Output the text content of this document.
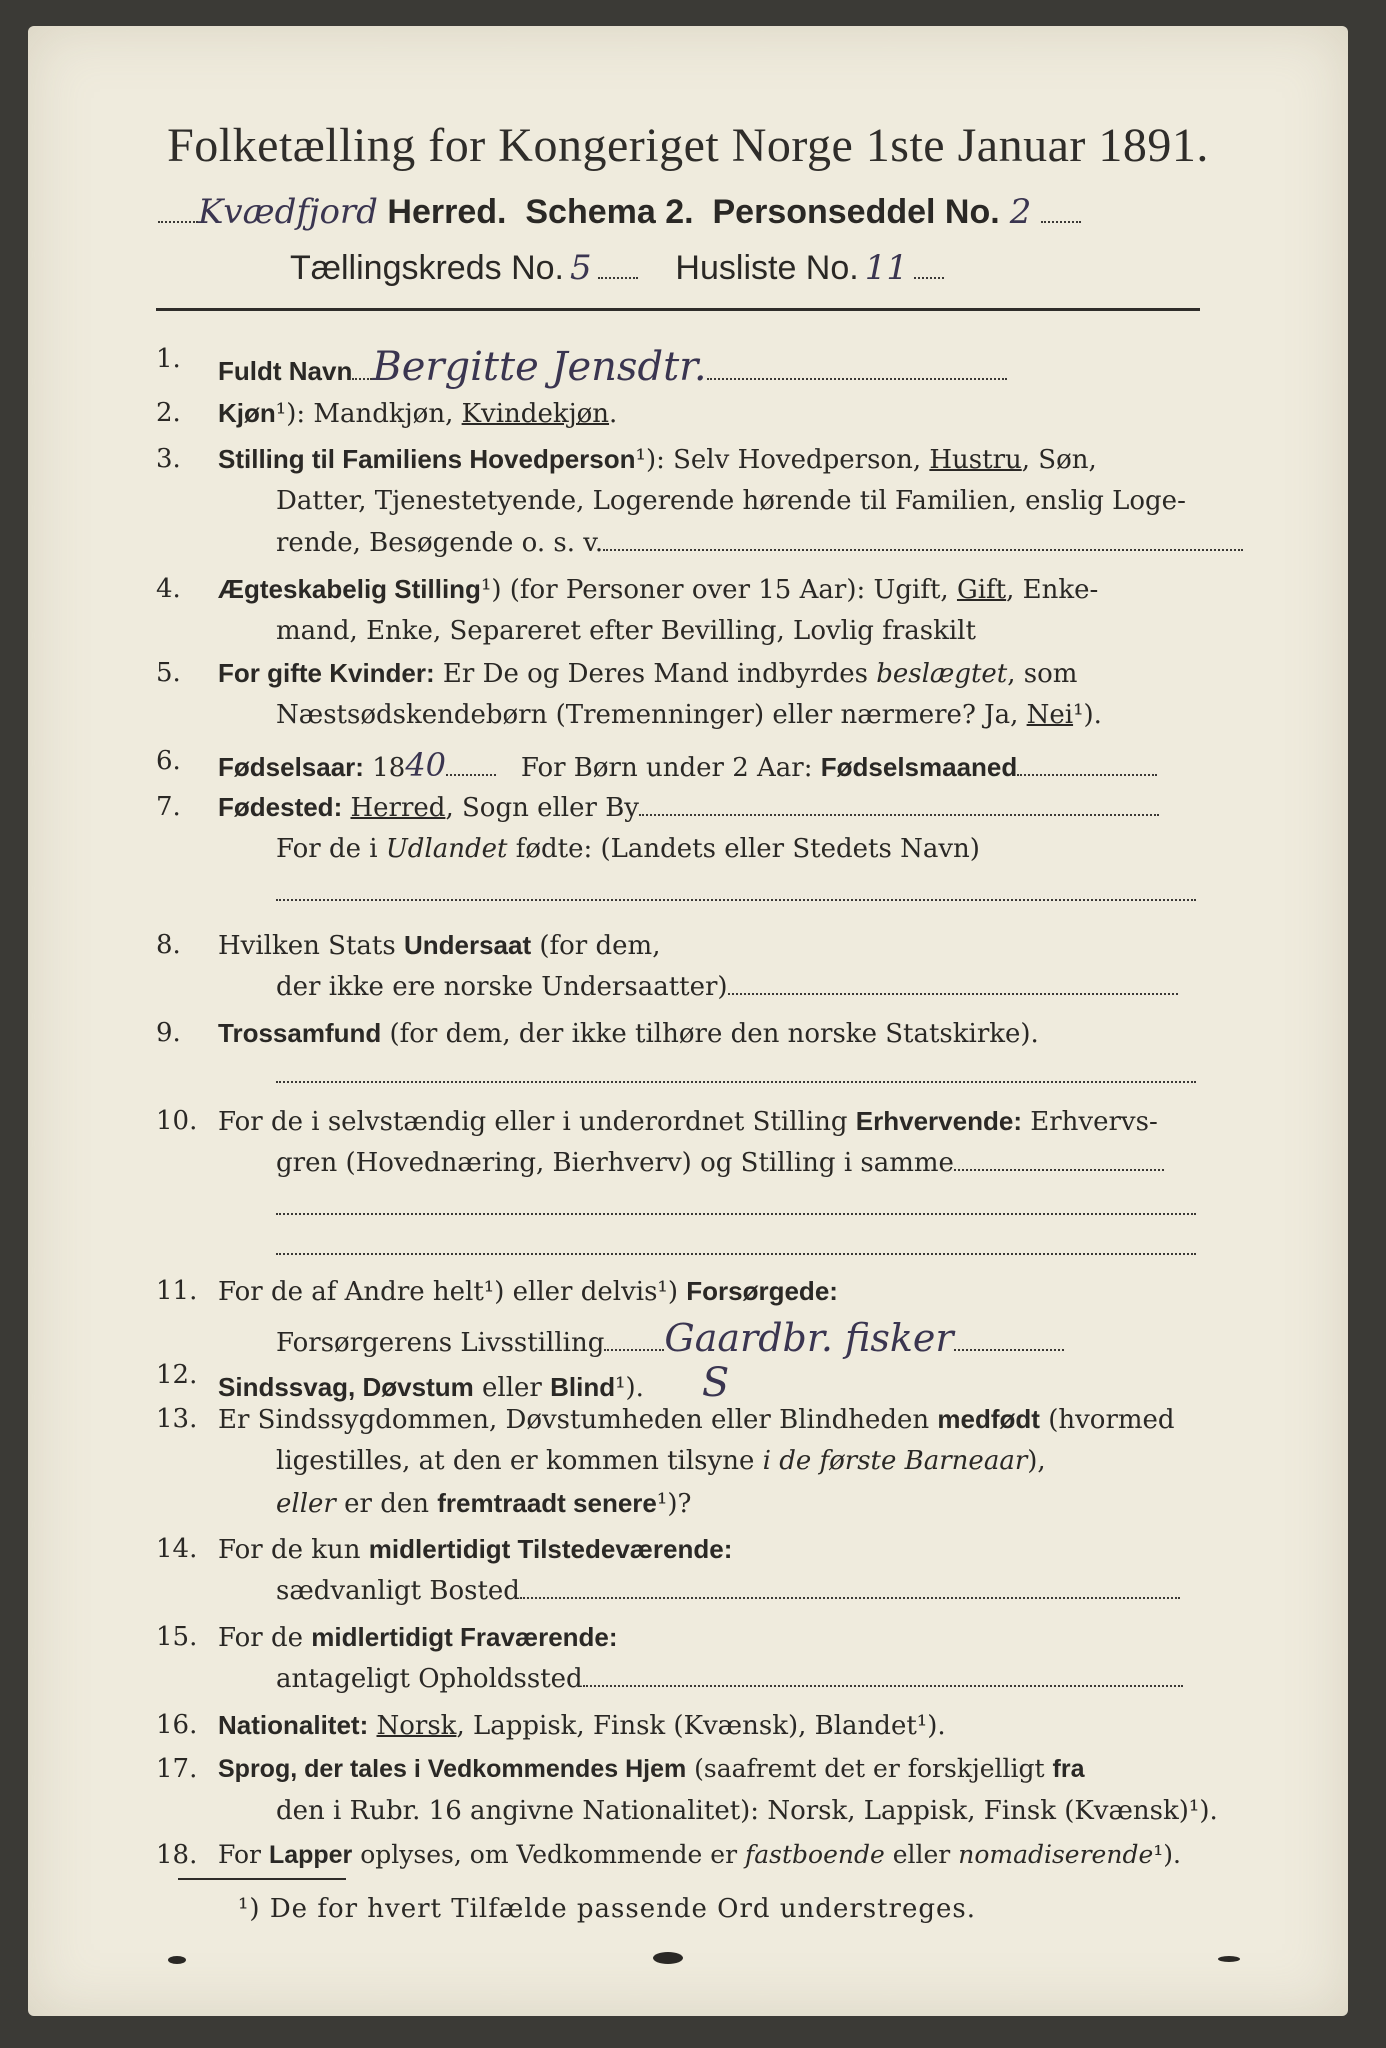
Folketælling for Kongeriget Norge 1ste Januar 1891.
Kvædfjord Herred. Schema 2. Personseddel No. 2
Tællingskreds No. 5 Husliste No. 11
1.	Fuldt Navn Bergitte Jensdtr.
2.	Kjøn¹): Mandkjøn, Kvindekjøn.
3.	Stilling til Familiens Hovedperson¹): Selv Hovedperson, Hustru, Søn,
Datter, Tjenestetyende, Logerende hørende til Familien, enslig Loge-
rende, Besøgende o. s. v.
4.	Ægteskabelig Stilling¹) (for Personer over 15 Aar): Ugift, Gift, Enke-
mand, Enke, Separeret efter Bevilling, Lovlig fraskilt
5.	For gifte Kvinder: Er De og Deres Mand indbyrdes beslægtet, som
Næstsødskendebørn (Tremenninger) eller nærmere? Ja, Nei¹).
6.	Fødselsaar: 1840	For Børn under 2 Aar: Fødselsmaaned
7.	Fødested: Herred, Sogn eller By
For de i Udlandet fødte: (Landets eller Stedets Navn)
8.	Hvilken Stats Undersaat (for dem,
der ikke ere norske Undersaatter)
9.	Trossamfund (for dem, der ikke tilhøre den norske Statskirke).
10. For de i selvstændig eller i underordnet Stilling Erhvervende: Erhvervs-
gren (Hovednæring, Bierhverv) og Stilling i samme
11. For de af Andre helt¹) eller delvis¹) Forsørgede:
Forsørgerens Livsstilling Gaardbr. fisker
12. Sindssvag, Døvstum eller Blind¹). S
13. Er Sindssygdommen, Døvstumheden eller Blindheden medfødt (hvormed
ligestilles, at den er kommen tilsyne i de første Barneaar),
eller er den fremtraadt senere¹)?
14. For de kun midlertidigt Tilstedeværende:
sædvanligt Bosted
15. For de midlertidigt Fraværende:
antageligt Opholdssted
16. Nationalitet: Norsk, Lappisk, Finsk (Kvænsk), Blandet¹).
17. Sprog, der tales i Vedkommendes Hjem (saafremt det er forskjelligt fra
den i Rubr. 16 angivne Nationalitet): Norsk, Lappisk, Finsk (Kvænsk)¹).
18. For Lapper oplyses, om Vedkommende er fastboende eller nomadiserende¹).
¹) De for hvert Tilfælde passende Ord understreges.
